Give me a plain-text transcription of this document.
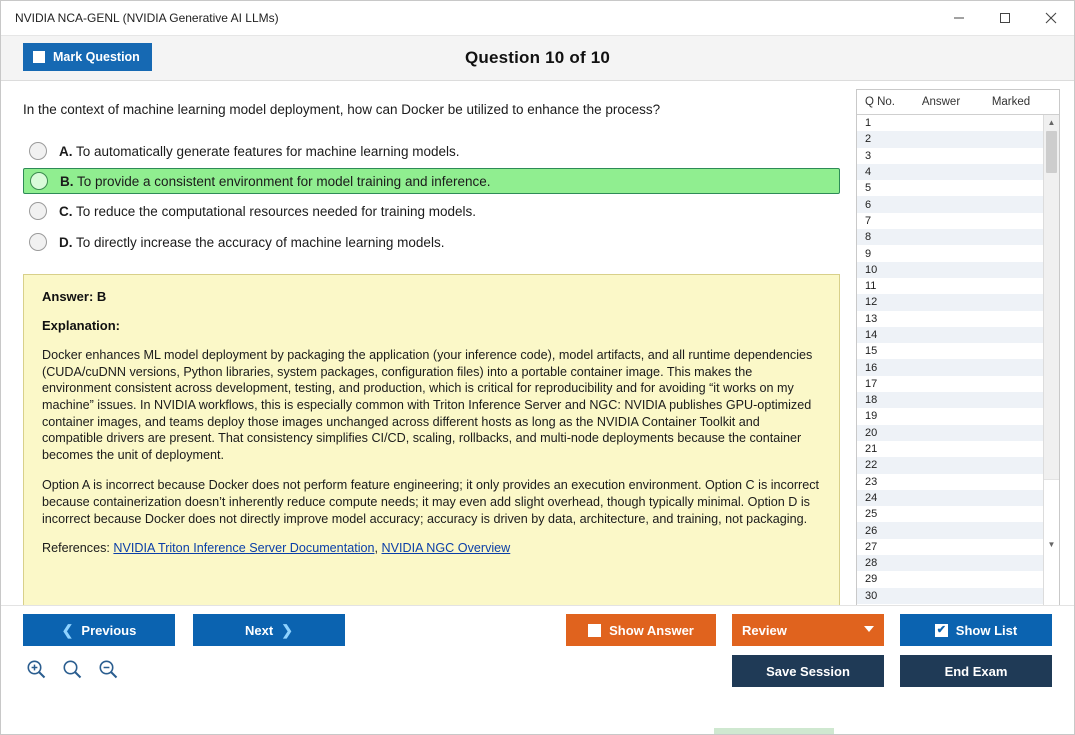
NVIDIA NCA-GENL (NVIDIA Generative AI LLMs)
Mark Question	Question 10 of 10
In the context of machine learning model deployment, how can Docker be utilized to enhance the process?
A. To automatically generate features for machine learning models.
B. To provide a consistent environment for model training and inference.
C. To reduce the computational resources needed for training models.
D. To directly increase the accuracy of machine learning models.
Answer: B
Explanation:

Docker enhances ML model deployment by packaging the application (your inference code), model artifacts, and all runtime dependencies (CUDA/cuDNN versions, Python libraries, system packages, configuration files) into a portable container image. This makes the environment consistent across development, testing, and production, which is critical for reproducibility and for avoiding “it works on my machine” issues. In NVIDIA workflows, this is especially common with Triton Inference Server and NGC: NVIDIA publishes GPU-optimized container images, and teams deploy those images unchanged across different hosts as long as the NVIDIA Container Toolkit and compatible drivers are present. That consistency simplifies CI/CD, scaling, rollbacks, and multi-node deployments because the container becomes the unit of deployment.

Option A is incorrect because Docker does not perform feature engineering; it only provides an execution environment. Option C is incorrect because containerization doesn’t inherently reduce compute needs; it may even add slight overhead, though typically minimal. Option D is incorrect because Docker does not directly improve model accuracy; accuracy is driven by data, architecture, and training, not packaging.

References: NVIDIA Triton Inference Server Documentation, NVIDIA NGC Overview
Q No.	Answer	Marked
1
2
3
4
5
6
7
8
9
10
11
12
13
14
15
16
17
18
19
20
21
22
23
24
25
26
27
28
29
30
▲
▼
❮ Previous	Next ❯	Show Answer	Review	✔ Show List
Save Session	End Exam
